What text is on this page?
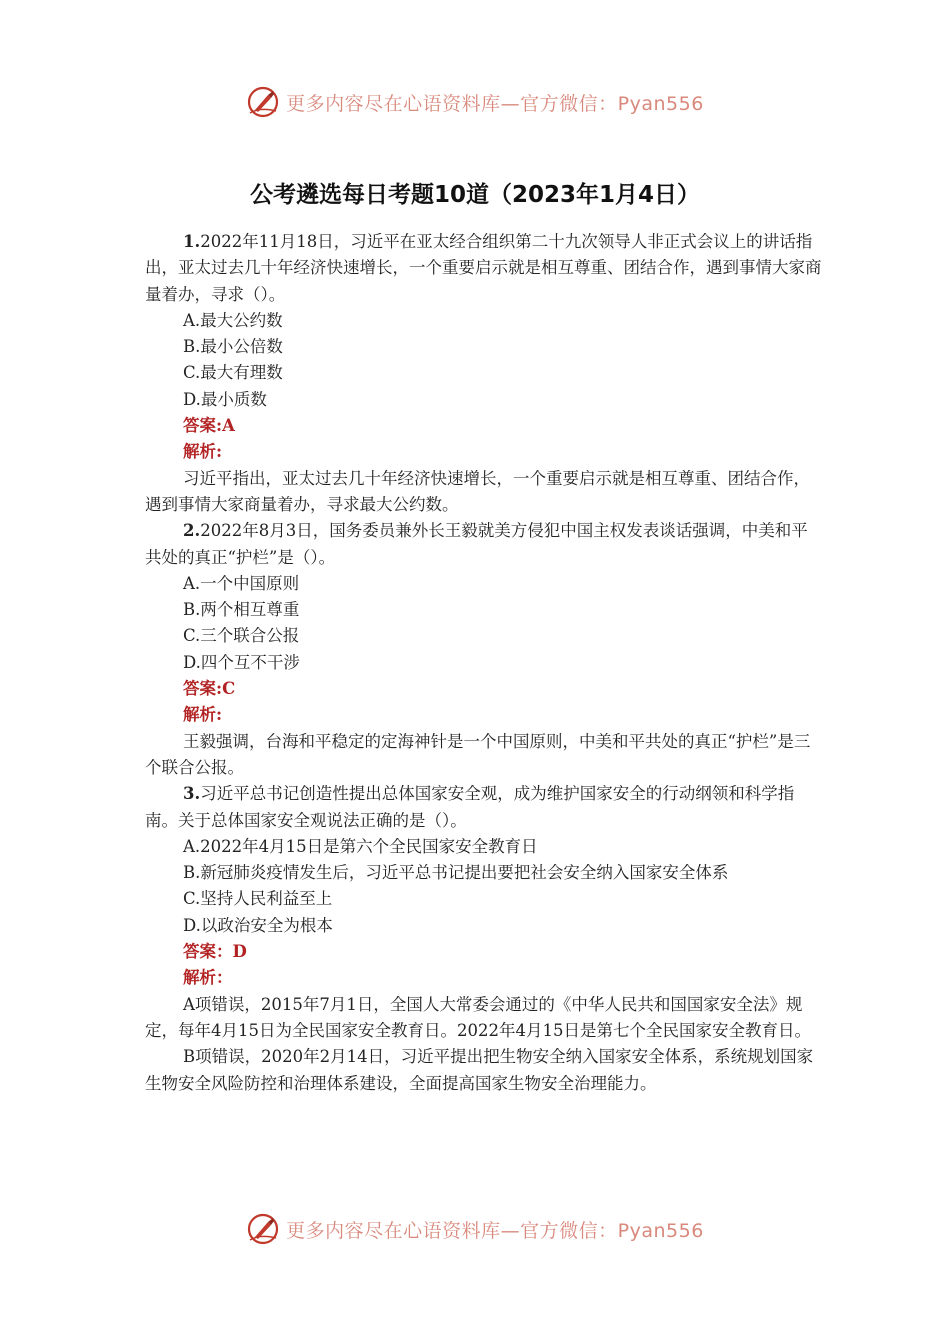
更多内容尽在心语资料库—官方微信：Pyan556
公考遴选每日考题10道（2023年1月4日）

1.2022年11月18日，习近平在亚太经合组织第二十九次领导人非正式会议上的讲话指出，亚太过去几十年经济快速增长，一个重要启示就是相互尊重、团结合作，遇到事情大家商量着办，寻求（）。

A.最大公约数

B.最小公倍数

C.最大有理数

D.最小质数

答案:A

解析:

习近平指出，亚太过去几十年经济快速增长，一个重要启示就是相互尊重、团结合作，遇到事情大家商量着办，寻求最大公约数。

2.2022年8月3日，国务委员兼外长王毅就美方侵犯中国主权发表谈话强调，中美和平共处的真正“护栏”是（）。

A.一个中国原则

B.两个相互尊重

C.三个联合公报

D.四个互不干涉

答案:C

解析:

王毅强调，台海和平稳定的定海神针是一个中国原则，中美和平共处的真正“护栏”是三个联合公报。

3.习近平总书记创造性提出总体国家安全观，成为维护国家安全的行动纲领和科学指南。关于总体国家安全观说法正确的是（）。

A.2022年4月15日是第六个全民国家安全教育日

B.新冠肺炎疫情发生后，习近平总书记提出要把社会安全纳入国家安全体系

C.坚持人民利益至上

D.以政治安全为根本

答案：D

解析：

A项错误，2015年7月1日，全国人大常委会通过的《中华人民共和国国家安全法》规定，每年4月15日为全民国家安全教育日。2022年4月15日是第七个全民国家安全教育日。

B项错误，2020年2月14日，习近平提出把生物安全纳入国家安全体系，系统规划国家生物安全风险防控和治理体系建设，全面提高国家生物安全治理能力。

更多内容尽在心语资料库—官方微信：Pyan556
